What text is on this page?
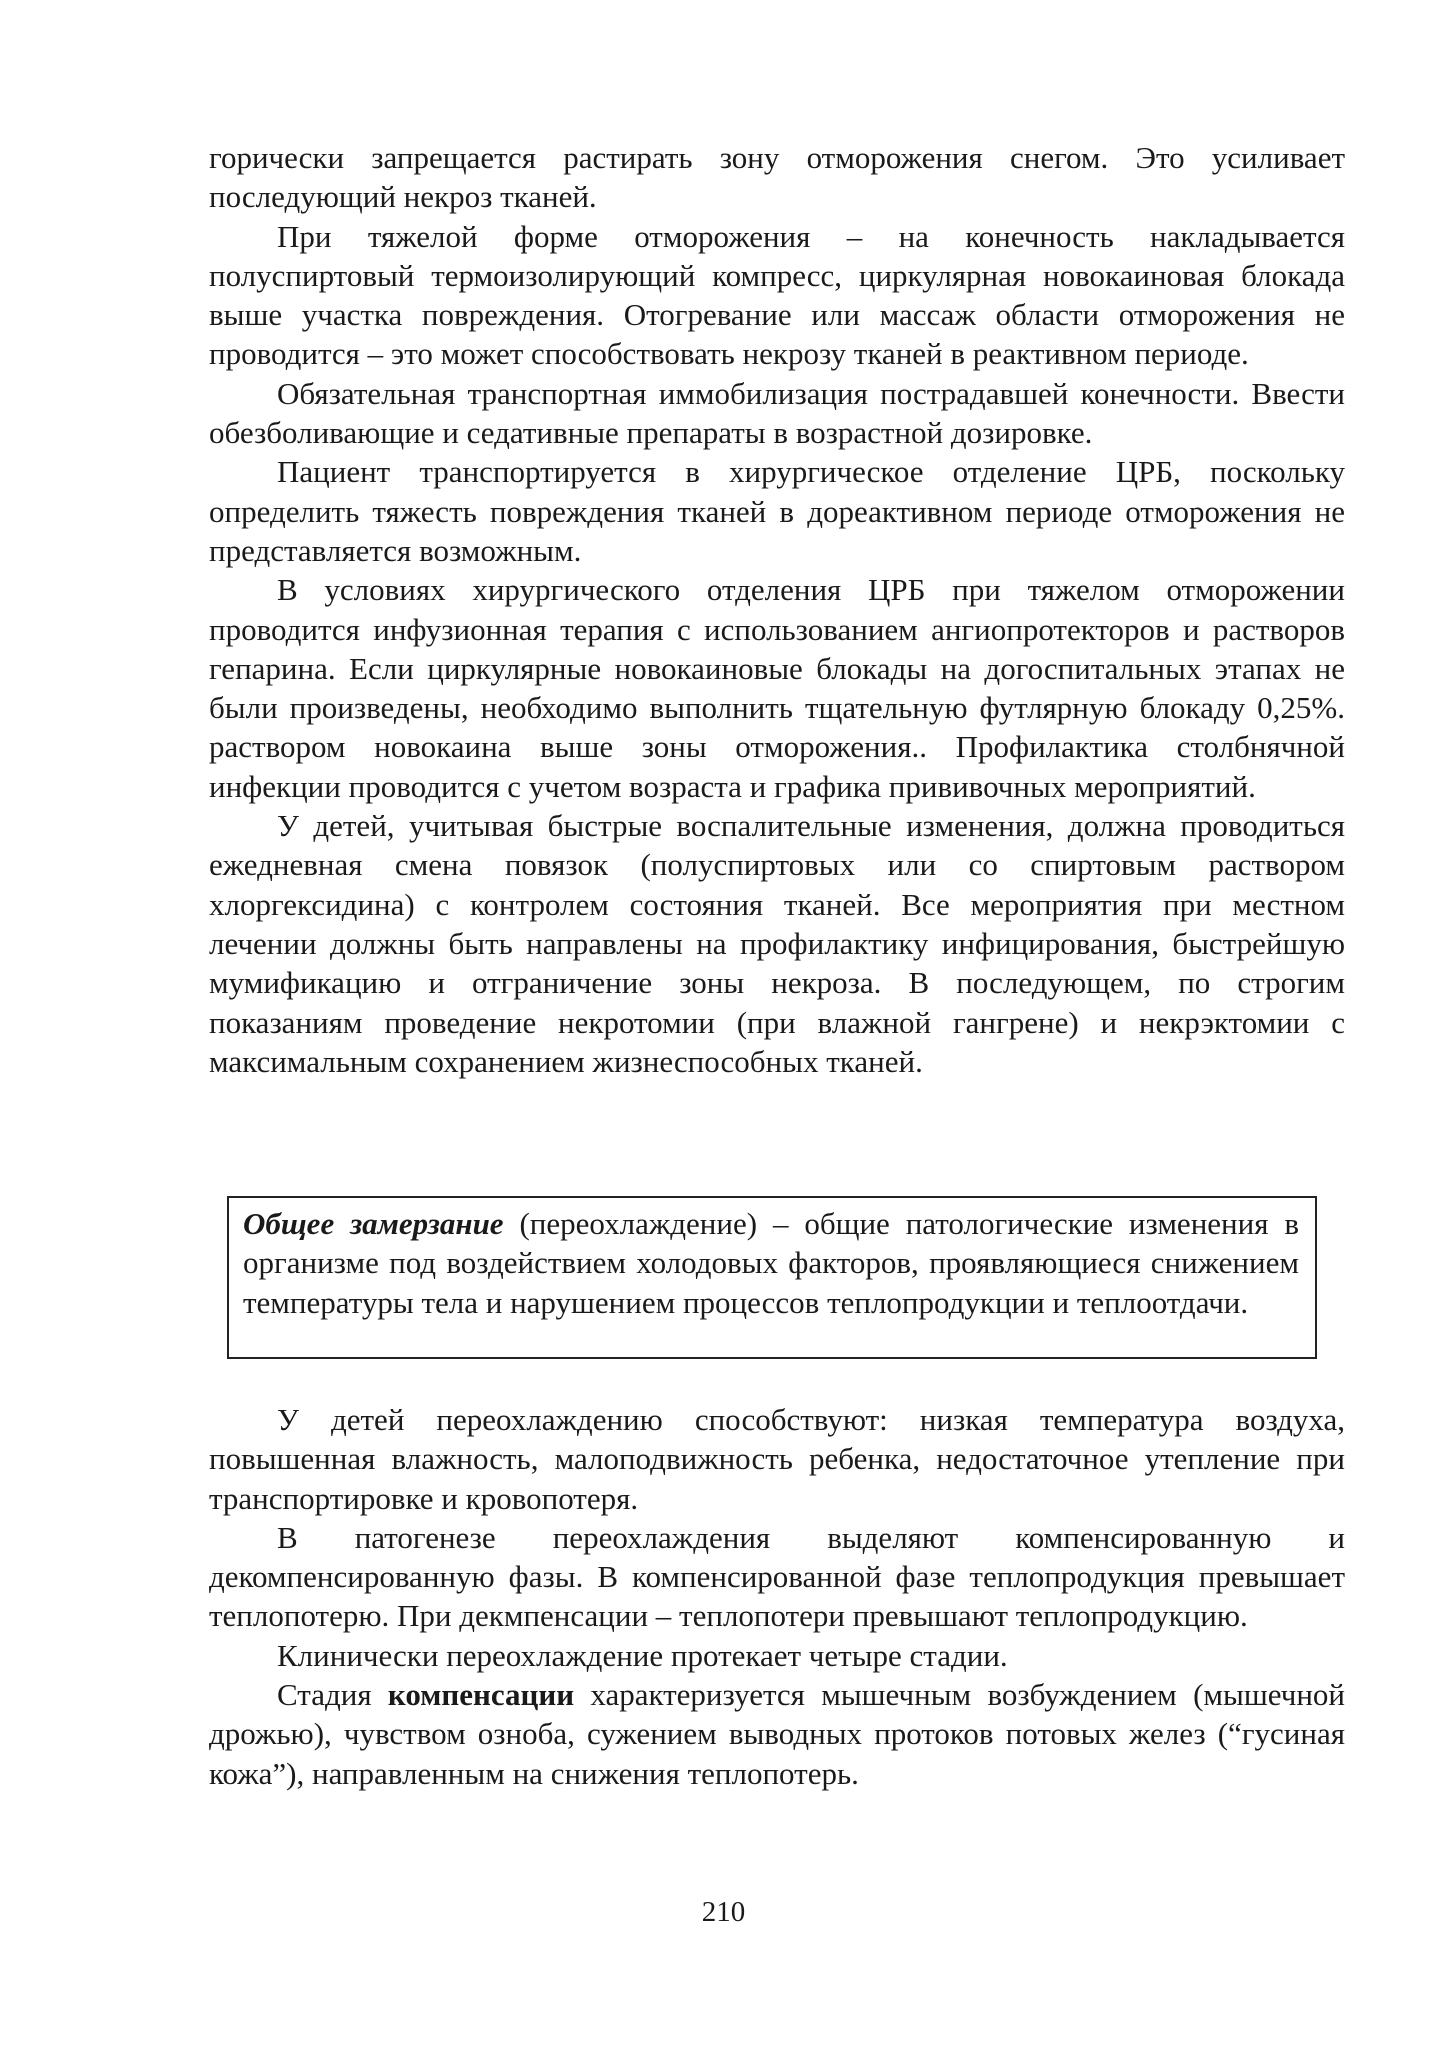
горически запрещается растирать зону отморожения снегом. Это усиливает последующий некроз тканей.

При тяжелой форме отморожения – на конечность накладывается полуспиртовый термоизолирующий компресс, циркулярная новокаиновая блокада выше участка повреждения. Отогревание или массаж области отморожения не проводится – это может способствовать некрозу тканей в реактивном периоде.

Обязательная транспортная иммобилизация пострадавшей конечности. Ввести обезболивающие и седативные препараты в возрастной дозировке.

Пациент транспортируется в хирургическое отделение ЦРБ, поскольку определить тяжесть повреждения тканей в дореактивном периоде отморожения не представляется возможным.

В условиях хирургического отделения ЦРБ при тяжелом отморожении проводится инфузионная терапия с использованием ангиопротекторов и растворов гепарина. Если циркулярные новокаиновые блокады на догоспитальных этапах не были произведены, необходимо выполнить тщательную футлярную блокаду 0,25%. раствором новокаина выше зоны отморожения.. Профилактика столбнячной инфекции проводится с учетом возраста и графика прививочных мероприятий.

У детей, учитывая быстрые воспалительные изменения, должна проводиться ежедневная смена повязок (полуспиртовых или со спиртовым раствором хлоргексидина) с контролем состояния тканей. Все мероприятия при местном лечении должны быть направлены на профилактику инфицирования, быстрейшую мумификацию и отграничение зоны некроза. В последующем, по строгим показаниям проведение некротомии (при влажной гангрене) и некрэктомии с максимальным сохранением жизнеспособных тканей.

Общее замерзание (переохлаждение) – общие патологические изменения в организме под воздействием холодовых факторов, проявляющиеся снижением температуры тела и нарушением процессов теплопродукции и теплоотдачи.

У детей переохлаждению способствуют: низкая температура воздуха, повышенная влажность, малоподвижность ребенка, недостаточное утепление при транспортировке и кровопотеря.

В патогенезе переохлаждения выделяют компенсированную и декомпенсированную фазы. В компенсированной фазе теплопродукция превышает теплопотерю. При декмпенсации – теплопотери превышают теплопродукцию.

Клинически переохлаждение протекает четыре стадии.

Стадия компенсации характеризуется мышечным возбуждением (мышечной дрожью), чувством озноба, сужением выводных протоков потовых желез (“гусиная кожа”), направленным на снижения теплопотерь.

210
